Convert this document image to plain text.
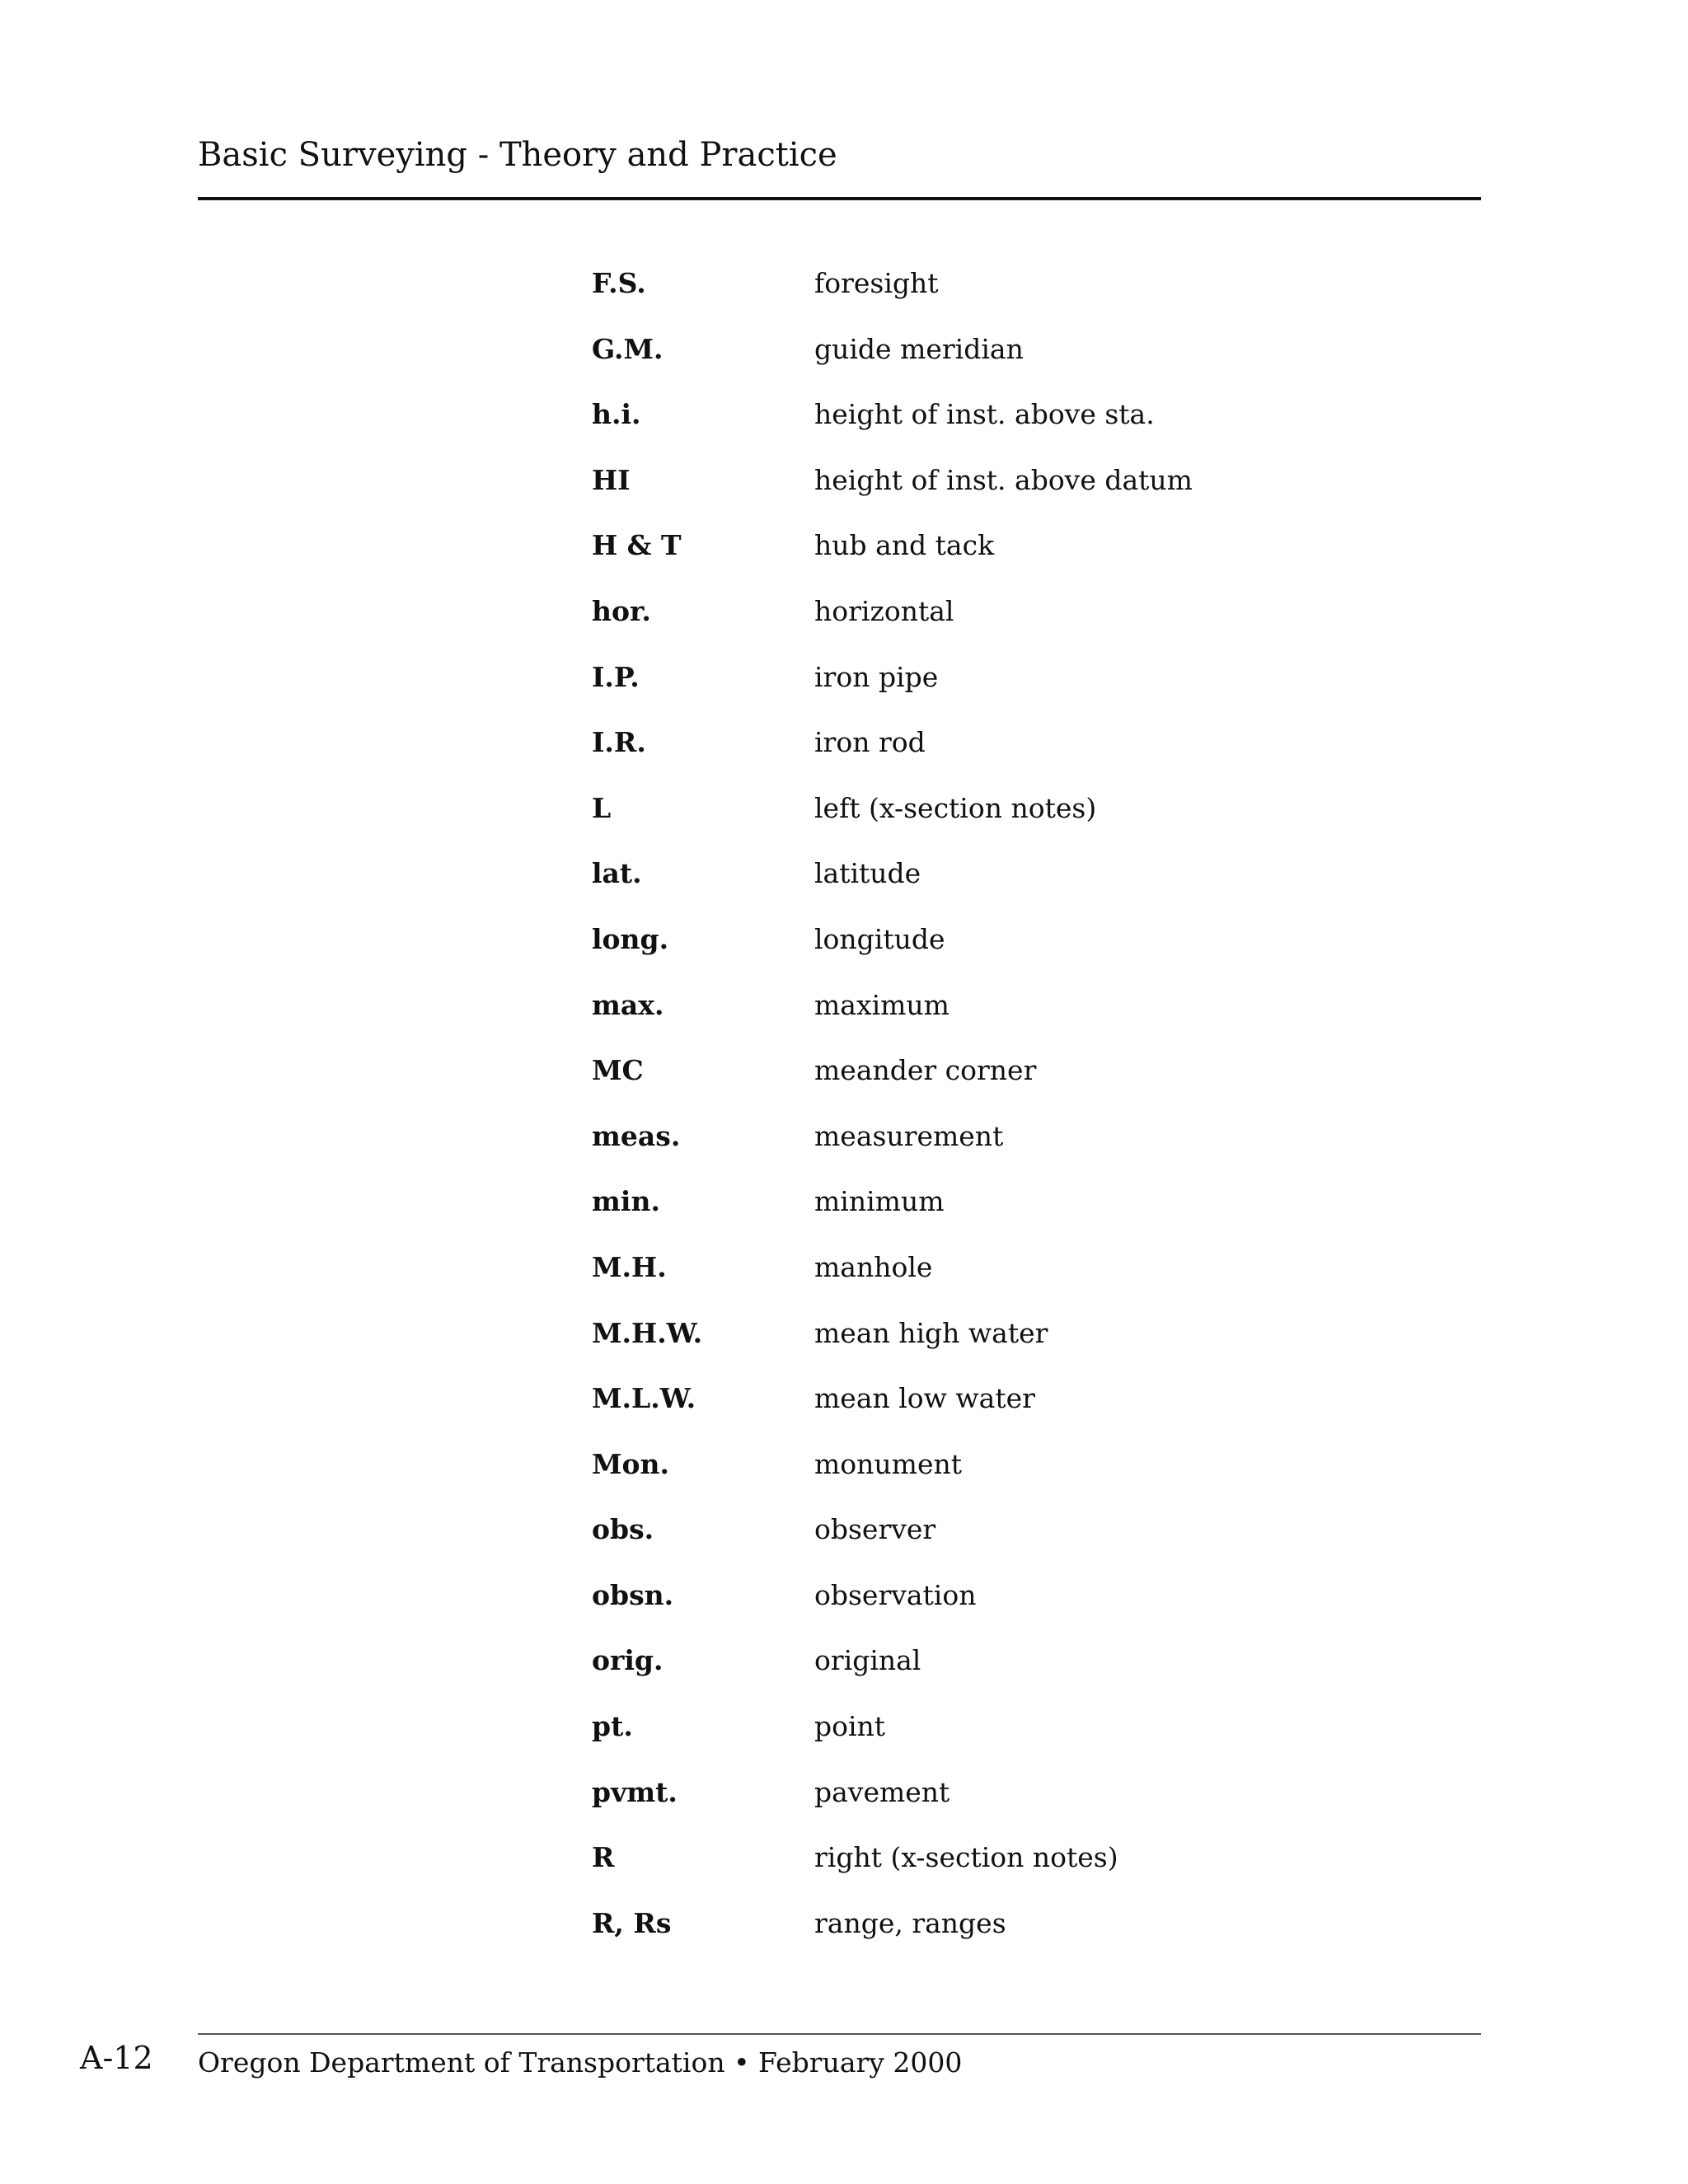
Basic Surveying - Theory and Practice
F.S.	foresight
G.M.	guide meridian
h.i.	height of inst. above sta.
HI	height of inst. above datum
H & T	hub and tack
hor.	horizontal
I.P.	iron pipe
I.R.	iron rod
L	left (x-section notes)
lat.	latitude
long.	longitude
max.	maximum
MC	meander corner
meas.	measurement
min.	minimum
M.H.	manhole
M.H.W.	mean high water
M.L.W.	mean low water
Mon.	monument
obs.	observer
obsn.	observation
orig.	original
pt.	point
pvmt.	pavement
R	right (x-section notes)
R, Rs	range, ranges
A-12 Oregon Department of Transportation • February 2000
